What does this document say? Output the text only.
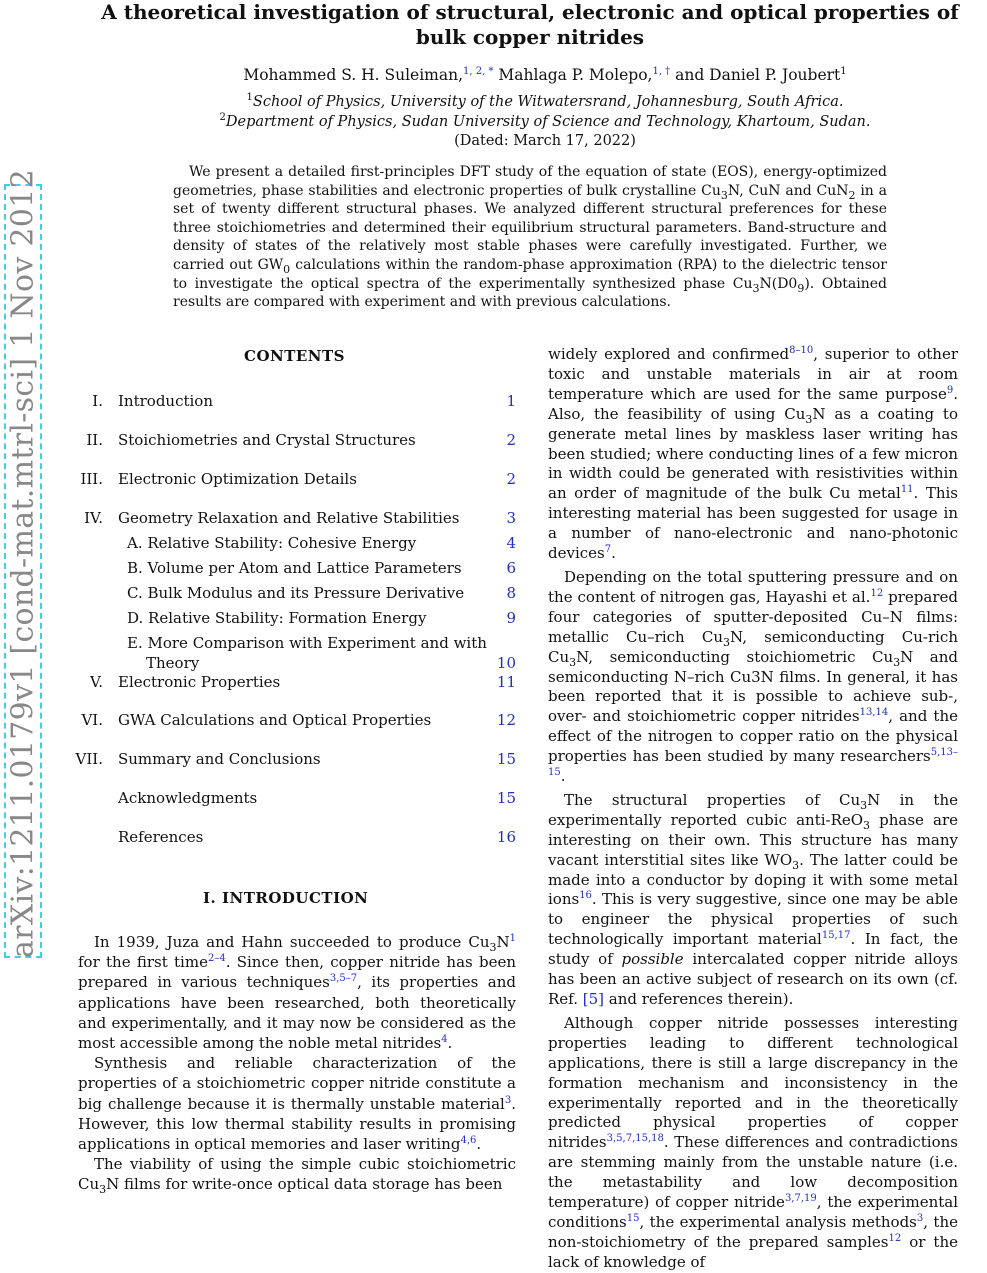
A theoretical investigation of structural, electronic and optical properties of bulk copper nitrides
Mohammed S. H. Suleiman,$^{1, 2, *}$ Mahlaga P. Molepo,$^{1, \dagger}$ and Daniel P. Joubert$^1$
$^1$School of Physics, University of the Witwatersrand, Johannesburg, South Africa.
$^2$Department of Physics, Sudan University of Science and Technology, Khartoum, Sudan.
(Dated: March 17, 2022)
We present a detailed first-principles DFT study of the equation of state (EOS), energy-optimized geometries, phase stabilities and electronic properties of bulk crystalline $Cu_3N$, CuN and CuN$_2$ in a set of twenty different structural phases. We analyzed different structural preferences for these three stoichiometries and determined their equilibrium structural parameters. Band-structure and density of states of the relatively most stable phases were carefully investigated. Further, we carried out $GW_0$ calculations within the random-phase approximation (RPA) to the dielectric tensor to investigate the optical spectra of the experimentally synthesized phase $Cu_3N(D0_9)$. Obtained results are compared with experiment and with previous calculations.
arXiv:1211.0179v1 [cond-mat.mtrl-sci] 1 Nov 2012	CONTENTS
I. Introduction	1
II. Stoichiometries and Crystal Structures	2
III. Electronic Optimization Details	2
IV. Geometry Relaxation and Relative Stabilities	3
A. Relative Stability: Cohesive Energy	4
B. Volume per Atom and Lattice Parameters	6
C. Bulk Modulus and its Pressure Derivative	8
D. Relative Stability: Formation Energy	9
E. More Comparison with Experiment and with
Theory	10
V. Electronic Properties	11
VI. GWA Calculations and Optical Properties	12
VII. Summary and Conclusions	15
Acknowledgments	15
References	16
I. INTRODUCTION

In 1939, Juza and Hahn succeeded to produce $Cu_3N^1$ for the first time$^{2-4}$. Since then, copper nitride has been prepared in various techniques$^{3,5-7}$, its properties and applications have been researched, both theoretically and experimentally, and it may now be considered as the most accessible among the noble metal nitrides$^4$.

Synthesis and reliable characterization of the properties of a stoichiometric copper nitride constitute a big challenge because it is thermally unstable material$^3$. However, this low thermal stability results in promising applications in optical memories and laser writing$^{4,6}$.

The viability of using the simple cubic stoichiometric $Cu_3N$ films for write-once optical data storage has been

widely explored and confirmed$^{8-10}$, superior to other toxic and unstable materials in air at room temperature which are used for the same purpose$^9$. Also, the feasibility of using $Cu_3N$ as a coating to generate metal lines by maskless laser writing has been studied; where conducting lines of a few micron in width could be generated with resistivities within an order of magnitude of the bulk Cu metal$^{11}$. This interesting material has been suggested for usage in a number of nano-electronic and nano-photonic devices$^7$.

Depending on the total sputtering pressure and on the content of nitrogen gas, Hayashi et al.$^{12}$ prepared four categories of sputter-deposited Cu–N films: metallic Cu–rich $Cu_3N$, semiconducting Cu-rich $Cu_3N$, semiconducting stoichiometric $Cu_3N$ and semiconducting N–rich Cu3N films. In general, it has been reported that it is possible to achieve sub-, over- and stoichiometric copper nitrides$^{13,14}$, and the effect of the nitrogen to copper ratio on the physical properties has been studied by many researchers$^{5,13-15}$.

The structural properties of $Cu_3N$ in the experimentally reported cubic anti-ReO$_3$ phase are interesting on their own. This structure has many vacant interstitial sites like $WO_3$. The latter could be made into a conductor by doping it with some metal ions$^{16}$. This is very suggestive, since one may be able to engineer the physical properties of such technologically important material$^{15,17}$. In fact, the study of possible intercalated copper nitride alloys has been an active subject of research on its own (cf. Ref. [5] and references therein).

Although copper nitride possesses interesting properties leading to different technological applications, there is still a large discrepancy in the formation mechanism and inconsistency in the experimentally reported and in the theoretically predicted physical properties of copper nitrides$^{3,5,7,15,18}$. These differences and contradictions are stemming mainly from the unstable nature (i.e. the metastability and low decomposition temperature) of copper nitride$^{3,7,19}$, the experimental conditions$^{15}$, the experimental analysis methods$^3$, the non-stoichiometry of the prepared samples$^{12}$ or the lack of knowledge of
